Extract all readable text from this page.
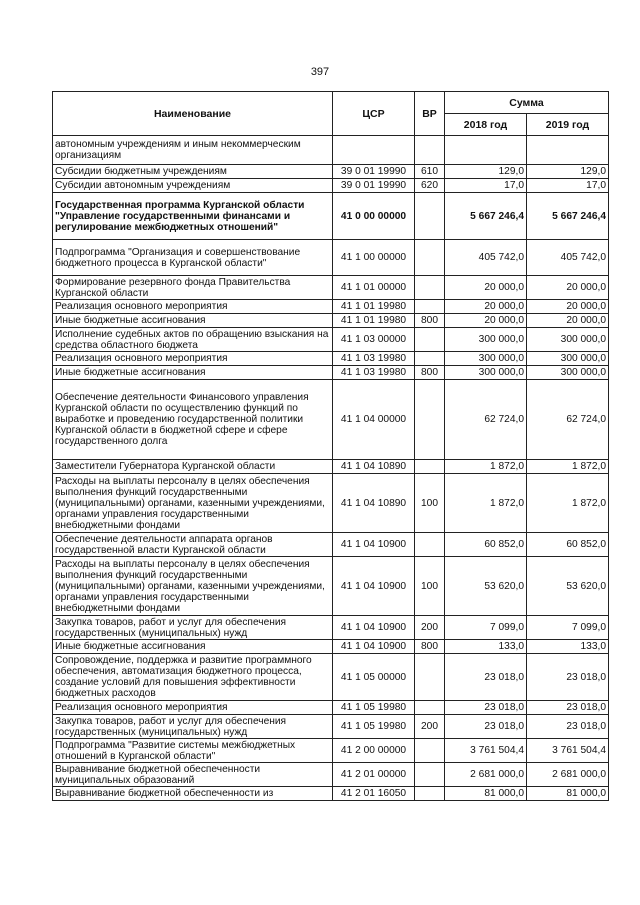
397
Наименование	ЦСР	ВР	Сумма	
			2018 год	2019 год
автономным учреждениям и иным некоммерческим организациям				
Субсидии бюджетным учреждениям	39 0 01 19990	610	129,0	129,0
Субсидии автономным учреждениям	39 0 01 19990	620	17,0	17,0
Государственная программа Курганской области "Управление государственными финансами и регулирование межбюджетных отношений"	41 0 00 00000		5 667 246,4	5 667 246,4
Подпрограмма "Организация и совершенствование бюджетного процесса в Курганской области"	41 1 00 00000		405 742,0	405 742,0
Формирование резервного фонда Правительства Курганской области	41 1 01 00000		20 000,0	20 000,0
Реализация основного мероприятия	41 1 01 19980		20 000,0	20 000,0
Иные бюджетные ассигнования	41 1 01 19980	800	20 000,0	20 000,0
Исполнение судебных актов по обращению взыскания на средства областного бюджета	41 1 03 00000		300 000,0	300 000,0
Реализация основного мероприятия	41 1 03 19980		300 000,0	300 000,0
Иные бюджетные ассигнования	41 1 03 19980	800	300 000,0	300 000,0
Обеспечение деятельности Финансового управления Курганской области по осуществлению функций по выработке и проведению государственной политики Курганской области в бюджетной сфере и сфере государственного долга	41 1 04 00000		62 724,0	62 724,0
Заместители Губернатора Курганской области	41 1 04 10890		1 872,0	1 872,0
Расходы на выплаты персоналу в целях обеспечения выполнения функций государственными (муниципальными) органами, казенными учреждениями, органами управления государственными внебюджетными фондами	41 1 04 10890	100	1 872,0	1 872,0
Обеспечение деятельности аппарата органов государственной власти Курганской области	41 1 04 10900		60 852,0	60 852,0
Расходы на выплаты персоналу в целях обеспечения выполнения функций государственными (муниципальными) органами, казенными учреждениями, органами управления государственными внебюджетными фондами	41 1 04 10900	100	53 620,0	53 620,0
Закупка товаров, работ и услуг для обеспечения государственных (муниципальных) нужд	41 1 04 10900	200	7 099,0	7 099,0
Иные бюджетные ассигнования	41 1 04 10900	800	133,0	133,0
Сопровождение, поддержка и развитие программного обеспечения, автоматизация бюджетного процесса, создание условий для повышения эффективности бюджетных расходов	41 1 05 00000		23 018,0	23 018,0
Реализация основного мероприятия	41 1 05 19980		23 018,0	23 018,0
Закупка товаров, работ и услуг для обеспечения государственных (муниципальных) нужд	41 1 05 19980	200	23 018,0	23 018,0
Подпрограмма "Развитие системы межбюджетных отношений в Курганской области"	41 2 00 00000		3 761 504,4	3 761 504,4
Выравнивание бюджетной обеспеченности муниципальных образований	41 2 01 00000		2 681 000,0	2 681 000,0
Выравнивание бюджетной обеспеченности из	41 2 01 16050		81 000,0	81 000,0
